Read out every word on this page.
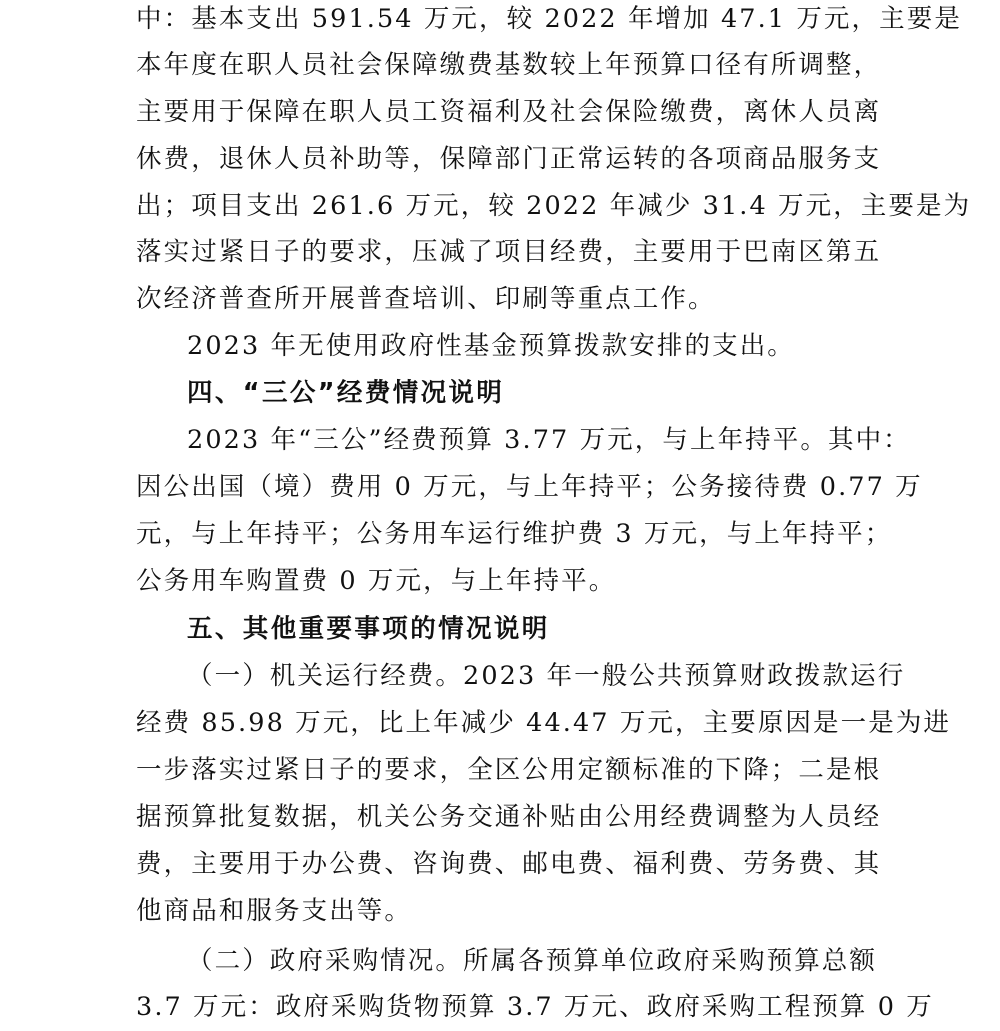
中：基本支出 591.54 万元，较 2022 年增加 47.1 万元，主要是
本年度在职人员社会保障缴费基数较上年预算口径有所调整，
主要用于保障在职人员工资福利及社会保险缴费，离休人员离
休费，退休人员补助等，保障部门正常运转的各项商品服务支
出；项目支出 261.6 万元，较 2022 年减少 31.4 万元，主要是为
落实过紧日子的要求，压减了项目经费，主要用于巴南区第五
次经济普查所开展普查培训、印刷等重点工作。
2023 年无使用政府性基金预算拨款安排的支出。
四、“三公”经费情况说明
2023 年“三公”经费预算 3.77 万元，与上年持平。其中：
因公出国（境）费用 0 万元，与上年持平；公务接待费 0.77 万
元，与上年持平；公务用车运行维护费 3 万元，与上年持平；
公务用车购置费 0 万元，与上年持平。
五、其他重要事项的情况说明
（一）机关运行经费。2023 年一般公共预算财政拨款运行
经费 85.98 万元，比上年减少 44.47 万元，主要原因是一是为进
一步落实过紧日子的要求，全区公用定额标准的下降；二是根
据预算批复数据，机关公务交通补贴由公用经费调整为人员经
费，主要用于办公费、咨询费、邮电费、福利费、劳务费、其
他商品和服务支出等。
（二）政府采购情况。所属各预算单位政府采购预算总额
3.7 万元：政府采购货物预算 3.7 万元、政府采购工程预算 0 万
